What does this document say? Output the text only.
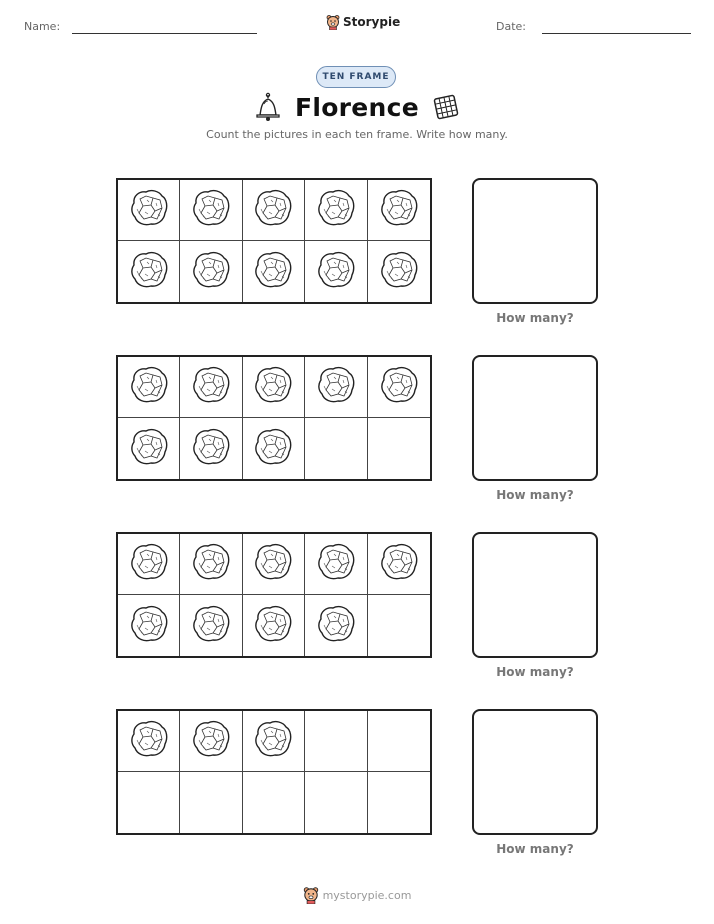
Name:	Storypie	Date:
TEN FRAME
Florence
Count the pictures in each ten frame. Write how many.
How many?
How many?
How many?
How many?
mystorypie.com
